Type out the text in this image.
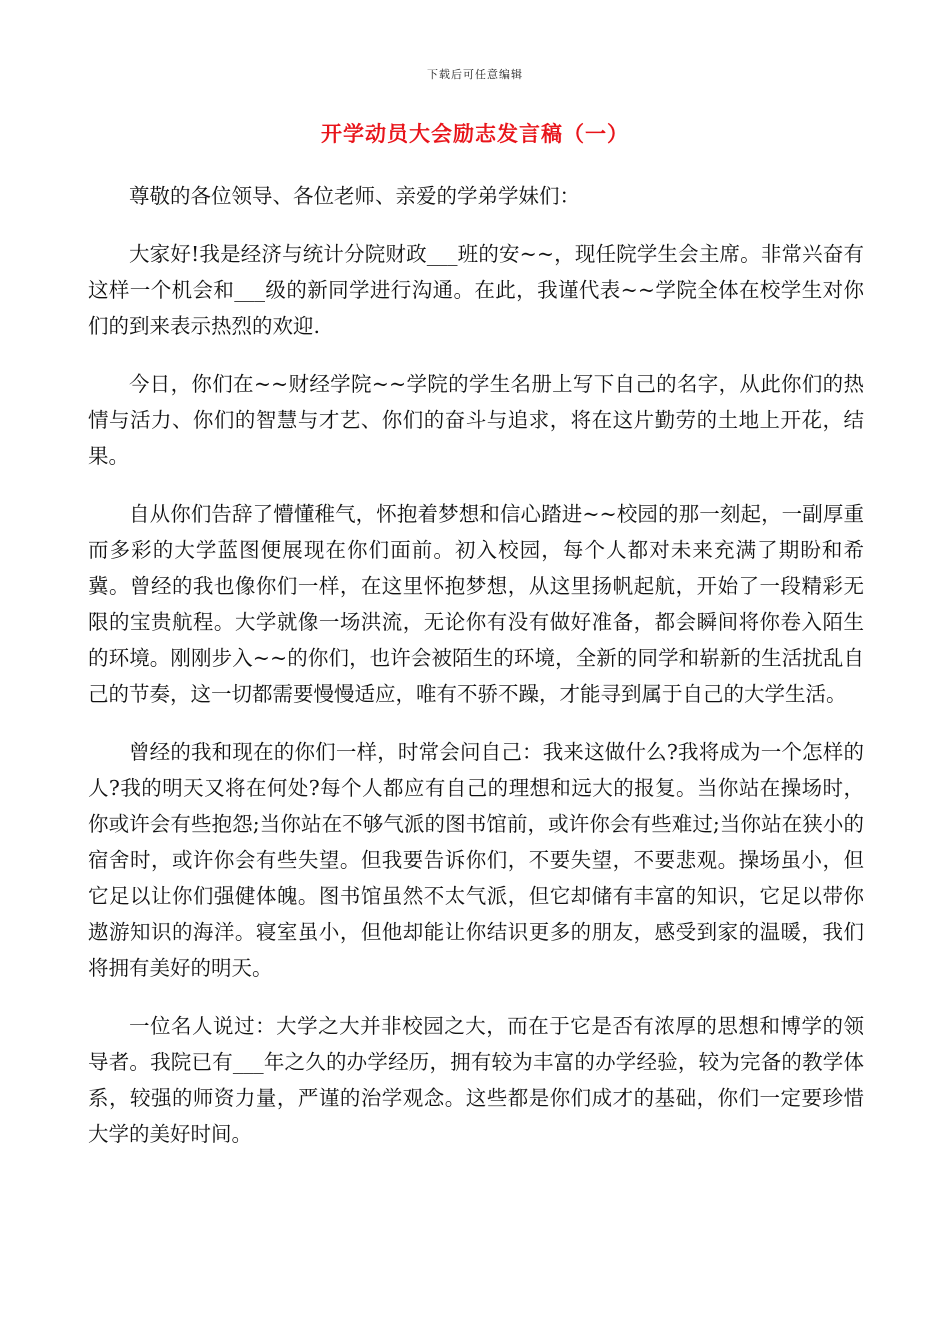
下载后可任意编辑
开学动员大会励志发言稿（一）

尊敬的各位领导、各位老师、亲爱的学弟学妹们：

大家好!我是经济与统计分院财政___班的安~~，现任院学生会主席。非常兴奋有这样一个机会和___级的新同学进行沟通。在此，我谨代表~~学院全体在校学生对你们的到来表示热烈的欢迎.

今日，你们在~~财经学院~~学院的学生名册上写下自己的名字，从此你们的热情与活力、你们的智慧与才艺、你们的奋斗与追求，将在这片勤劳的土地上开花，结果。

自从你们告辞了懵懂稚气，怀抱着梦想和信心踏进~~校园的那一刻起，一副厚重而多彩的大学蓝图便展现在你们面前。初入校园，每个人都对未来充满了期盼和希冀。曾经的我也像你们一样，在这里怀抱梦想，从这里扬帆起航，开始了一段精彩无限的宝贵航程。大学就像一场洪流，无论你有没有做好准备，都会瞬间将你卷入陌生的环境。刚刚步入~~的你们，也许会被陌生的环境，全新的同学和崭新的生活扰乱自己的节奏，这一切都需要慢慢适应，唯有不骄不躁，才能寻到属于自己的大学生活。

曾经的我和现在的你们一样，时常会问自己：我来这做什么?我将成为一个怎样的人?我的明天又将在何处?每个人都应有自己的理想和远大的报复。当你站在操场时，你或许会有些抱怨;当你站在不够气派的图书馆前，或许你会有些难过;当你站在狭小的宿舍时，或许你会有些失望。但我要告诉你们，不要失望，不要悲观。操场虽小，但它足以让你们强健体魄。图书馆虽然不太气派，但它却储有丰富的知识，它足以带你遨游知识的海洋。寝室虽小，但他却能让你结识更多的朋友，感受到家的温暖，我们将拥有美好的明天。

一位名人说过：大学之大并非校园之大，而在于它是否有浓厚的思想和博学的领导者。我院已有___年之久的办学经历，拥有较为丰富的办学经验，较为完备的教学体系，较强的师资力量，严谨的治学观念。这些都是你们成才的基础，你们一定要珍惜大学的美好时间。
